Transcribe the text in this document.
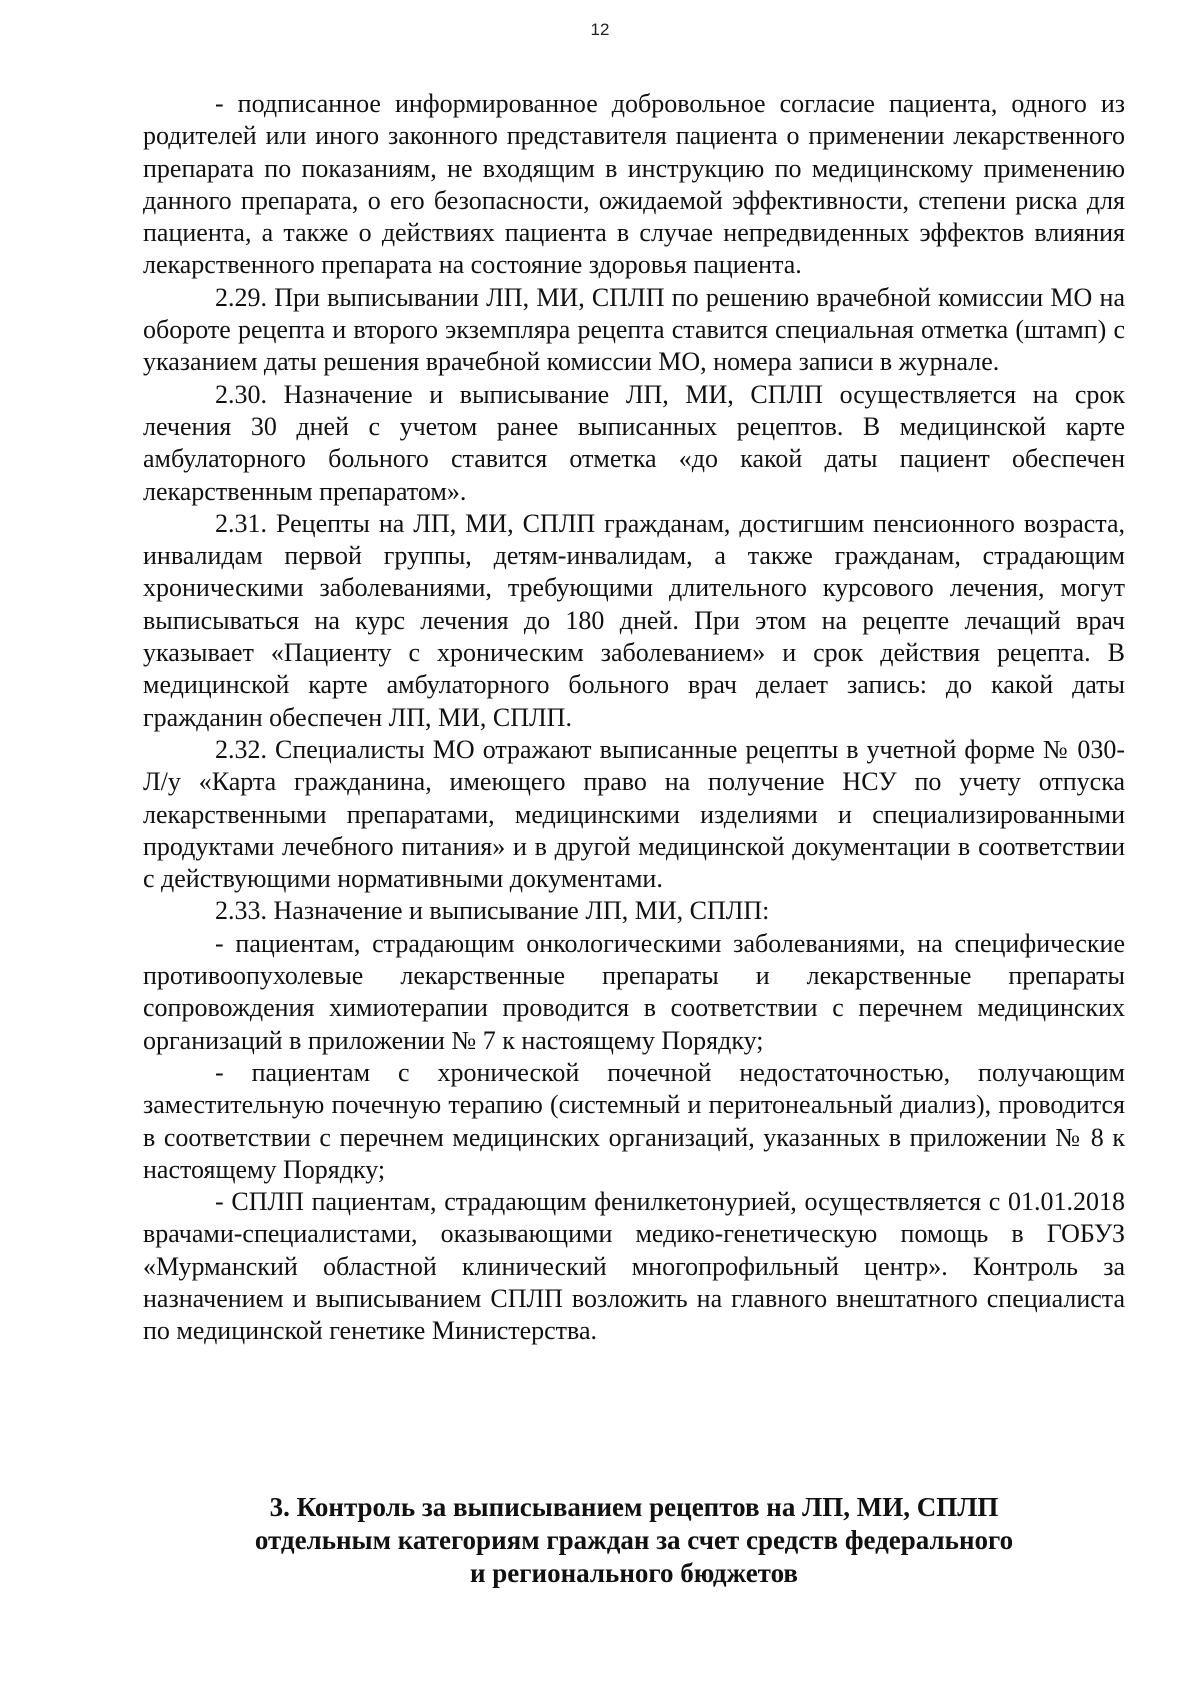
12

- подписанное информированное добровольное согласие пациента, одного из родителей или иного законного представителя пациента о применении лекарственного препарата по показаниям, не входящим в инструкцию по медицинскому применению данного препарата, о его безопасности, ожидаемой эффективности, степени риска для пациента, а также о действиях пациента в случае непредвиденных эффектов влияния лекарственного препарата на состояние здоровья пациента.

2.29. При выписывании ЛП, МИ, СПЛП по решению врачебной комиссии МО на обороте рецепта и второго экземпляра рецепта ставится специальная отметка (штамп) с указанием даты решения врачебной комиссии МО, номера записи в журнале.

2.30. Назначение и выписывание ЛП, МИ, СПЛП осуществляется на срок лечения 30 дней с учетом ранее выписанных рецептов. В медицинской карте амбулаторного больного ставится отметка «до какой даты пациент обеспечен лекарственным препаратом».

2.31. Рецепты на ЛП, МИ, СПЛП гражданам, достигшим пенсионного возраста, инвалидам первой группы, детям-инвалидам, а также гражданам, страдающим хроническими заболеваниями, требующими длительного курсового лечения, могут выписываться на курс лечения до 180 дней. При этом на рецепте лечащий врач указывает «Пациенту с хроническим заболеванием» и срок действия рецепта. В медицинской карте амбулаторного больного врач делает запись: до какой даты гражданин обеспечен ЛП, МИ, СПЛП.

2.32. Специалисты МО отражают выписанные рецепты в учетной форме № 030-Л/у «Карта гражданина, имеющего право на получение НСУ по учету отпуска лекарственными препаратами, медицинскими изделиями и специализированными продуктами лечебного питания» и в другой медицинской документации в соответствии с действующими нормативными документами.

2.33. Назначение и выписывание ЛП, МИ, СПЛП:

- пациентам, страдающим онкологическими заболеваниями, на специфические противоопухолевые лекарственные препараты и лекарственные препараты сопровождения химиотерапии проводится в соответствии с перечнем медицинских организаций в приложении № 7 к настоящему Порядку;

- пациентам с хронической почечной недостаточностью, получающим заместительную почечную терапию (системный и перитонеальный диализ), проводится в соответствии с перечнем медицинских организаций, указанных в приложении № 8 к настоящему Порядку;

- СПЛП пациентам, страдающим фенилкетонурией, осуществляется с 01.01.2018 врачами-специалистами, оказывающими медико-генетическую помощь в ГОБУЗ «Мурманский областной клинический многопрофильный центр». Контроль за назначением и выписыванием СПЛП возложить на главного внештатного специалиста по медицинской генетике Министерства.

3. Контроль за выписыванием рецептов на ЛП, МИ, СПЛП
отдельным категориям граждан за счет средств федерального
и регионального бюджетов
